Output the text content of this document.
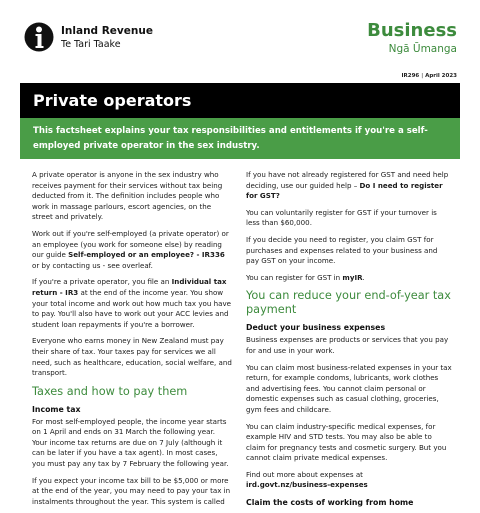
Inland Revenue
Te Tari Taake
Business
Ngā Ūmanga
IR296 | April 2023
Private operators

This factsheet explains your tax responsibilities and entitlements if you're a self-employed private operator in the sex industry.

A private operator is anyone in the sex industry who receives payment for their services without tax being deducted from it. The definition includes people who work in massage parlours, escort agencies, on the street and privately.

Work out if you're self-employed (a private operator) or an employee (you work for someone else) by reading our guide Self-employed or an employee? - IR336 or by contacting us - see overleaf.

If you're a private operator, you file an Individual tax return - IR3 at the end of the income year. You show your total income and work out how much tax you have to pay. You'll also have to work out your ACC levies and student loan repayments if you're a borrower.

Everyone who earns money in New Zealand must pay their share of tax. Your taxes pay for services we all need, such as healthcare, education, social welfare, and transport.

Taxes and how to pay them
Income tax

For most self-employed people, the income year starts on 1 April and ends on 31 March the following year. Your income tax returns are due on 7 July (although it can be later if you have a tax agent). In most cases, you must pay any tax by 7 February the following year.

If you expect your income tax bill to be $5,000 or more at the end of the year, you may need to pay your tax in instalments throughout the year. This system is called

If you have not already registered for GST and need help deciding, use our guided help – Do I need to register for GST?

You can voluntarily register for GST if your turnover is less than $60,000.

If you decide you need to register, you claim GST for purchases and expenses related to your business and pay GST on your income.

You can register for GST in myIR.

You can reduce your end-of-year tax payment
Deduct your business expenses

Business expenses are products or services that you pay for and use in your work.

You can claim most business-related expenses in your tax return, for example condoms, lubricants, work clothes and advertising fees. You cannot claim personal or domestic expenses such as casual clothing, groceries, gym fees and childcare.

You can claim industry-specific medical expenses, for example HIV and STD tests. You may also be able to claim for pregnancy tests and cosmetic surgery. But you cannot claim private medical expenses.

Find out more about expenses at
ird.govt.nz/business-expenses

Claim the costs of working from home
